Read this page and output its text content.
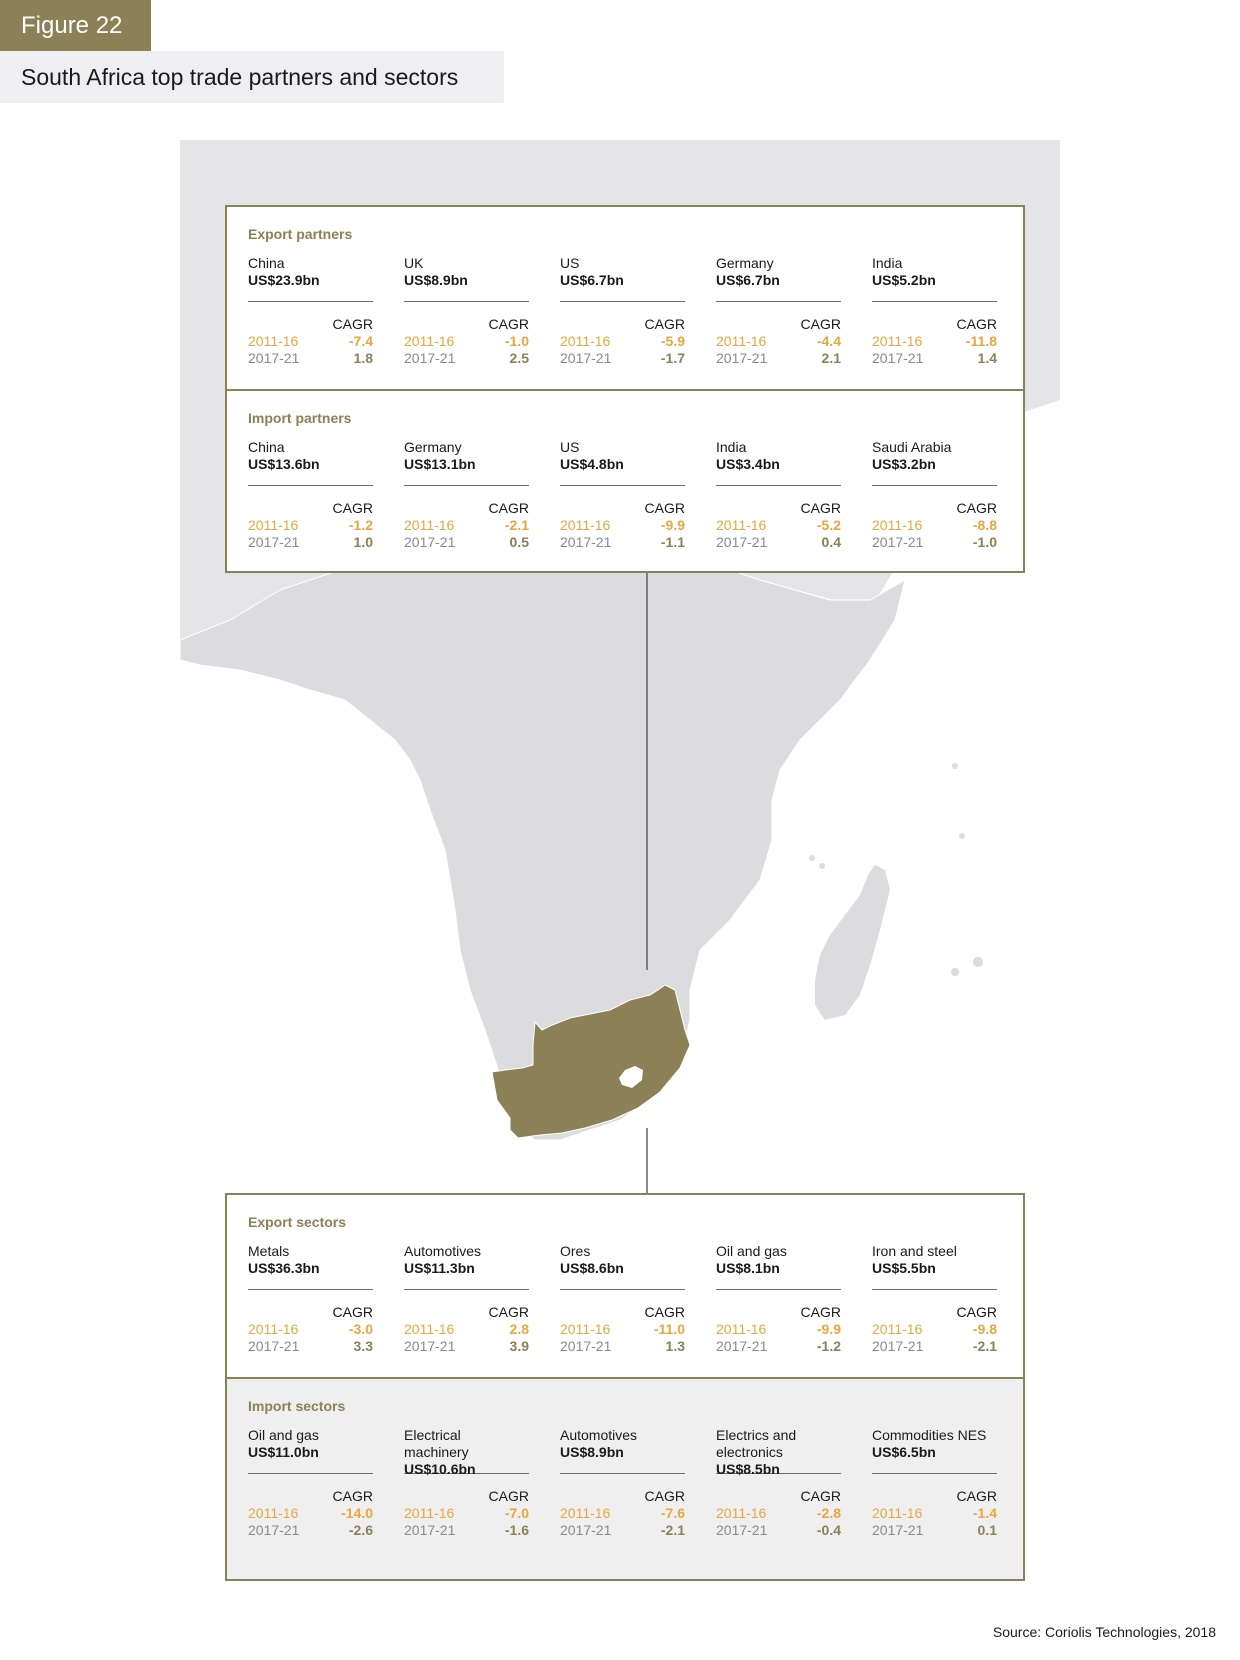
Figure 22
South Africa top trade partners and sectors
Export partners
China
US$23.9bn
CAGR
2011-16	-7.4
2017-21	1.8
UK
US$8.9bn
CAGR
2011-16	-1.0
2017-21	2.5
US
US$6.7bn
CAGR
2011-16	-5.9
2017-21	-1.7
Germany
US$6.7bn
CAGR
2011-16	-4.4
2017-21	2.1
India
US$5.2bn
CAGR
2011-16	-11.8
2017-21	1.4
Import partners
China
US$13.6bn
CAGR
2011-16	-1.2
2017-21	1.0
Germany
US$13.1bn
CAGR
2011-16	-2.1
2017-21	0.5
US
US$4.8bn
CAGR
2011-16	-9.9
2017-21	-1.1
India
US$3.4bn
CAGR
2011-16	-5.2
2017-21	0.4
Saudi Arabia
US$3.2bn
CAGR
2011-16	-8.8
2017-21	-1.0
Export sectors
Metals
US$36.3bn
CAGR
2011-16	-3.0
2017-21	3.3
Automotives
US$11.3bn
CAGR
2011-16	2.8
2017-21	3.9
Ores
US$8.6bn
CAGR
2011-16	-11.0
2017-21	1.3
Oil and gas
US$8.1bn
CAGR
2011-16	-9.9
2017-21	-1.2
Iron and steel
US$5.5bn
CAGR
2011-16	-9.8
2017-21	-2.1
Import sectors
Oil and gas
US$11.0bn
CAGR
2011-16	-14.0
2017-21	-2.6
Electrical machinery
US$10.6bn
CAGR
2011-16	-7.0
2017-21	-1.6
Automotives
US$8.9bn
CAGR
2011-16	-7.6
2017-21	-2.1
Electrics and electronics
US$8.5bn
CAGR
2011-16	-2.8
2017-21	-0.4
Commodities NES
US$6.5bn
CAGR
2011-16	-1.4
2017-21	0.1
Source: Coriolis Technologies, 2018
